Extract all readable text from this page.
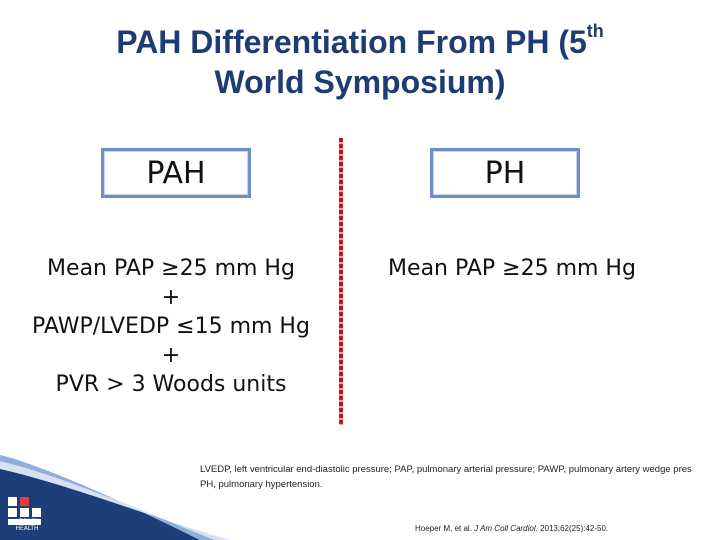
PAH Differentiation From PH (5th
World Symposium)
PAH	PH
Mean PAP ≥25 mm Hg
+
PAWP/LVEDP ≤15 mm Hg
+
PVR > 3 Woods units
Mean PAP ≥25 mm Hg
LEGACY
HEALTH
LVEDP, left ventricular end-diastolic pressure; PAP, pulmonary arterial pressure; PAWP, pulmonary artery wedge pres
PH, pulmonary hypertension.
Hoeper M, et al. J Am Coll Cardiol. 2013;62(25):42-50.
